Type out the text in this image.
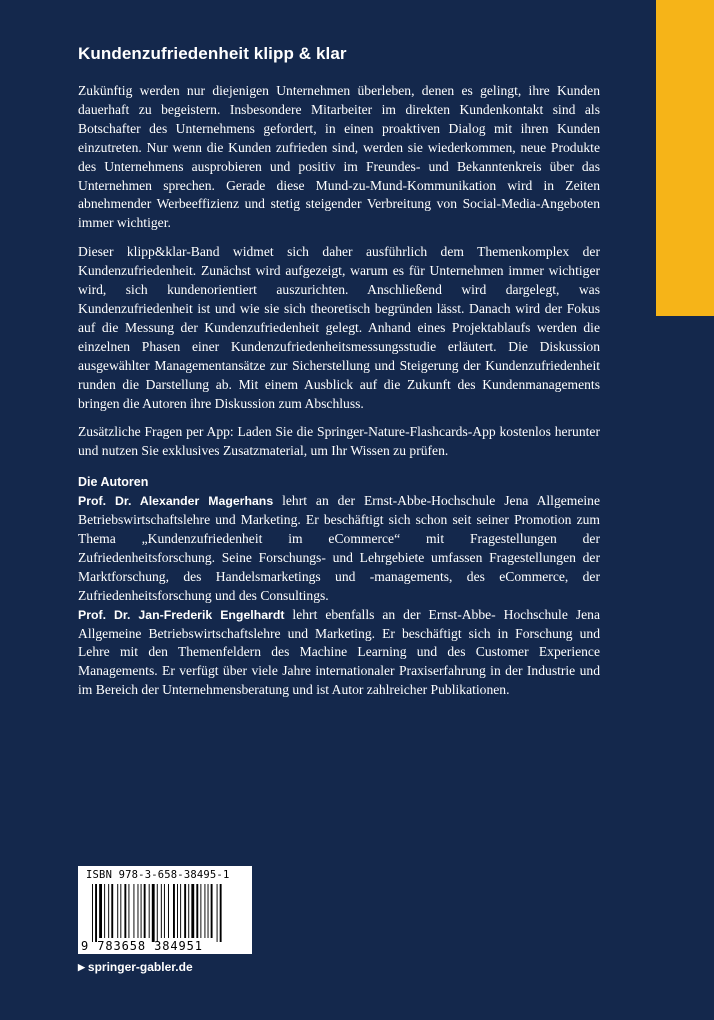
Kundenzufriedenheit klipp & klar

Zukünftig werden nur diejenigen Unternehmen überleben, denen es gelingt, ihre Kunden dauerhaft zu begeistern. Insbesondere Mitarbeiter im direkten Kundenkontakt sind als Botschafter des Unternehmens gefordert, in einen proaktiven Dialog mit ihren Kunden einzutreten. Nur wenn die Kunden zufrieden sind, werden sie wiederkommen, neue Produkte des Unternehmens ausprobieren und positiv im Freundes- und Bekanntenkreis über das Unternehmen sprechen. Gerade diese Mund-zu-Mund-Kommunikation wird in Zeiten abnehmender Werbeeffizienz und stetig steigender Verbreitung von Social-Media-Angeboten immer wichtiger.

Dieser klipp&klar-Band widmet sich daher ausführlich dem Themenkomplex der Kundenzufriedenheit. Zunächst wird aufgezeigt, warum es für Unternehmen immer wichtiger wird, sich kundenorientiert auszurichten. Anschließend wird dargelegt, was Kundenzufriedenheit ist und wie sie sich theoretisch begründen lässt. Danach wird der Fokus auf die Messung der Kundenzufriedenheit gelegt. Anhand eines Projektablaufs werden die einzelnen Phasen einer Kundenzufriedenheitsmessungsstudie erläutert. Die Diskussion ausgewählter Managementansätze zur Sicherstellung und Steigerung der Kundenzufriedenheit runden die Darstellung ab. Mit einem Ausblick auf die Zukunft des Kundenmanagements bringen die Autoren ihre Diskussion zum Abschluss.

Zusätzliche Fragen per App: Laden Sie die Springer-Nature-Flashcards-App kostenlos herunter und nutzen Sie exklusives Zusatzmaterial, um Ihr Wissen zu prüfen.

Die Autoren

Prof. Dr. Alexander Magerhans lehrt an der Ernst-Abbe-Hochschule Jena Allgemeine Betriebswirtschaftslehre und Marketing. Er beschäftigt sich schon seit seiner Promotion zum Thema „Kundenzufriedenheit im eCommerce“ mit Fragestellungen der Zufriedenheitsforschung. Seine Forschungs- und Lehrgebiete umfassen Fragestellungen der Marktforschung, des Handelsmarketings und -managements, des eCommerce, der Zufriedenheitsforschung und des Consultings.

Prof. Dr. Jan-Frederik Engelhardt lehrt ebenfalls an der Ernst-Abbe- Hochschule Jena Allgemeine Betriebswirtschaftslehre und Marketing. Er beschäftigt sich in Forschung und Lehre mit den Themenfeldern des Machine Learning und des Customer Experience Managements. Er verfügt über viele Jahre internationaler Praxiserfahrung in der Industrie und im Bereich der Unternehmensberatung und ist Autor zahlreicher Publikationen.

ISBN 978-3-658-38495-1
9 783658 384951
▶ springer-gabler.de
